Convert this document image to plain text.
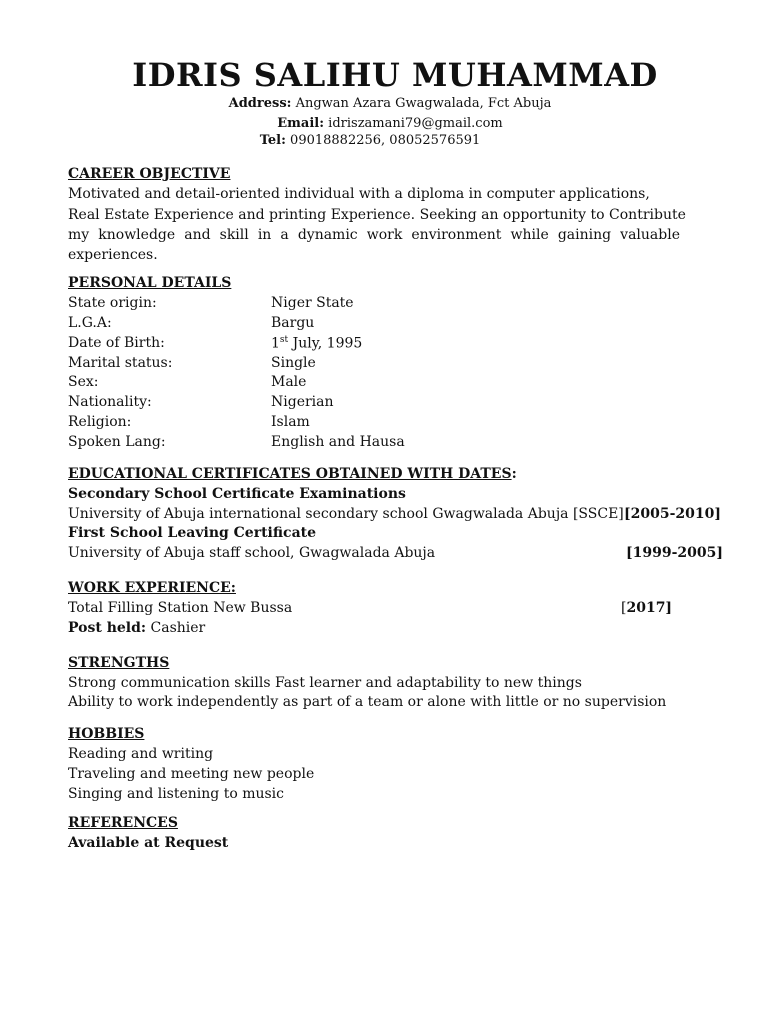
IDRIS SALIHU MUHAMMAD
Address: Angwan Azara Gwagwalada, Fct Abuja
Email: idriszamani79@gmail.com
Tel: 09018882256, 08052576591
CAREER OBJECTIVE
Motivated and detail-oriented individual with a diploma in computer applications,
Real Estate Experience and printing Experience. Seeking an opportunity to Contribute
my knowledge and skill in a dynamic work environment while gaining valuable
experiences.
PERSONAL DETAILS
State origin:	Niger State
L.G.A:	Bargu
Date of Birth:	1st July, 1995
Marital status:	Single
Sex:	Male
Nationality:	Nigerian
Religion:	Islam
Spoken Lang:	English and Hausa
EDUCATIONAL CERTIFICATES OBTAINED WITH DATES:
Secondary School Certificate Examinations
University of Abuja international secondary school Gwagwalada Abuja [SSCE] [2005-2010]
First School Leaving Certificate
University of Abuja staff school, Gwagwalada Abuja	[1999-2005]
WORK EXPERIENCE:
Total Filling Station New Bussa	[2017]
Post held: Cashier
STRENGTHS
Strong communication skills Fast learner and adaptability to new things
Ability to work independently as part of a team or alone with little or no supervision
HOBBIES
Reading and writing
Traveling and meeting new people
Singing and listening to music
REFERENCES
Available at Request
